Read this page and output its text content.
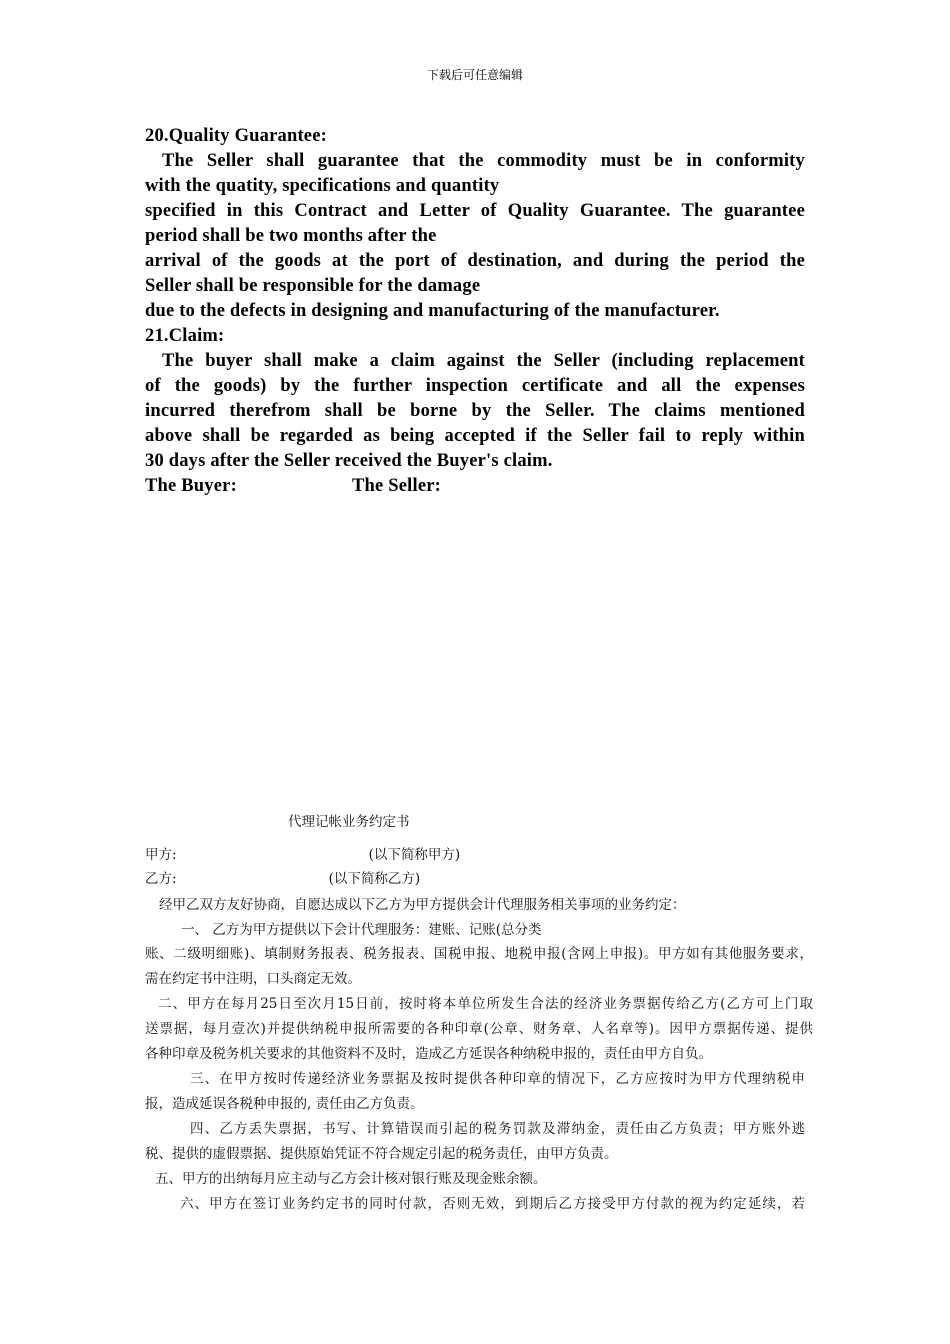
下载后可任意编辑
20.Quality Guarantee:
The Seller shall guarantee that the commodity must be in conformity
with the quatity, specifications and quantity
specified in this Contract and Letter of Quality Guarantee. The guarantee
period shall be two months after the
arrival of the goods at the port of destination, and during the period the
Seller shall be responsible for the damage
due to the defects in designing and manufacturing of the manufacturer.
21.Claim:
The buyer shall make a claim against the Seller (including replacement
of the goods) by the further inspection certificate and all the expenses
incurred therefrom shall be borne by the Seller. The claims mentioned
above shall be regarded as being accepted if the Seller fail to reply within
30 days after the Seller received the Buyer's claim.
The Buyer:	The Seller:
代理记帐业务约定书
甲方:	(以下简称甲方)
乙方:	(以下简称乙方)
经甲乙双方友好协商，自愿达成以下乙方为甲方提供会计代理服务相关事项的业务约定：
一、 乙方为甲方提供以下会计代理服务：建账、记账(总分类
账、二级明细账)、填制财务报表、税务报表、国税申报、地税申报(含网上申报)。甲方如有其他服务要求，
需在约定书中注明，口头商定无效。
二、甲方在每月25日至次月15日前，按时将本单位所发生合法的经济业务票据传给乙方(乙方可上门取
送票据，每月壹次)并提供纳税申报所需要的各种印章(公章、财务章、人名章等)。因甲方票据传递、提供
各种印章及税务机关要求的其他资料不及时，造成乙方延误各种纳税申报的，责任由甲方自负。
三、在甲方按时传递经济业务票据及按时提供各种印章的情况下，乙方应按时为甲方代理纳税申
报，造成延误各税种申报的, 责任由乙方负责。
四、乙方丢失票据，书写、计算错误而引起的税务罚款及滞纳金，责任由乙方负责；甲方账外逃
税、提供的虚假票据、提供原始凭证不符合规定引起的税务责任，由甲方负责。
五、甲方的出纳每月应主动与乙方会计核对银行账及现金账余额。
六、甲方在签订业务约定书的同时付款，否则无效，到期后乙方接受甲方付款的视为约定延续，若
